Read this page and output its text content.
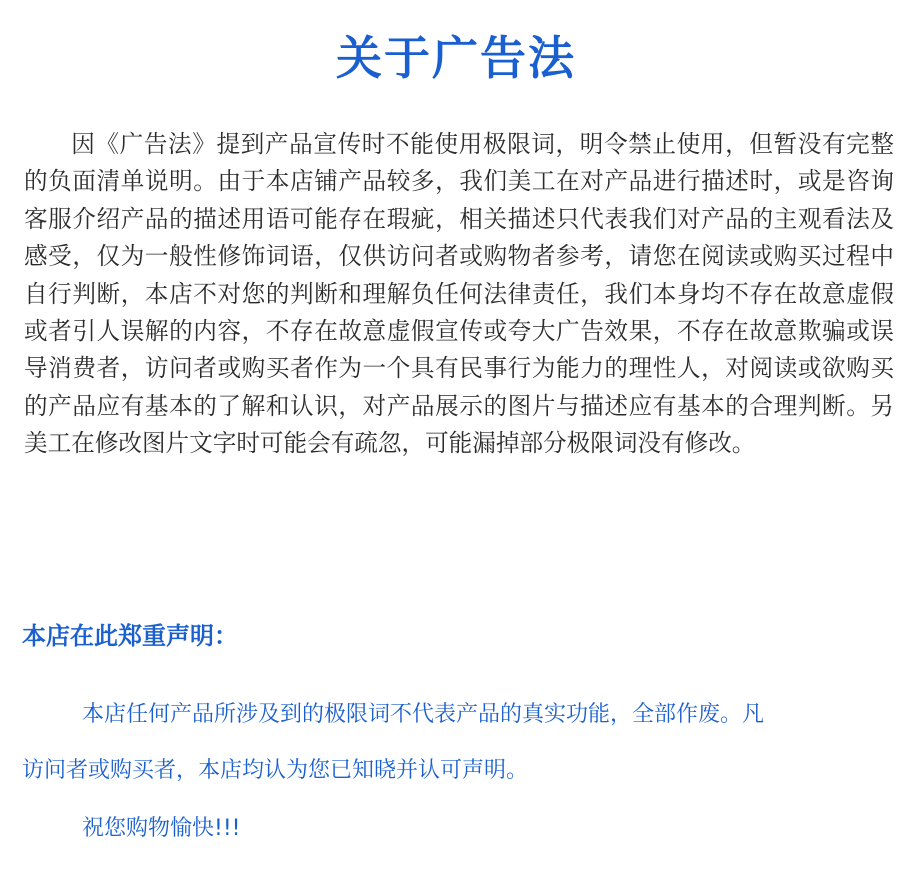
关于广告法

因《广告法》提到产品宣传时不能使用极限词，明令禁止使用，但暂没有完整的负面清单说明。由于本店铺产品较多，我们美工在对产品进行描述时，或是咨询客服介绍产品的描述用语可能存在瑕疵，相关描述只代表我们对产品的主观看法及感受，仅为一般性修饰词语，仅供访问者或购物者参考，请您在阅读或购买过程中自行判断，本店不对您的判断和理解负任何法律责任，我们本身均不存在故意虚假或者引人误解的内容，不存在故意虚假宣传或夸大广告效果，不存在故意欺骗或误导消费者，访问者或购买者作为一个具有民事行为能力的理性人，对阅读或欲购买的产品应有基本的了解和认识，对产品展示的图片与描述应有基本的合理判断。另美工在修改图片文字时可能会有疏忽，可能漏掉部分极限词没有修改。

本店在此郑重声明：

本店任何产品所涉及到的极限词不代表产品的真实功能，全部作废。凡

访问者或购买者，本店均认为您已知晓并认可声明。

祝您购物愉快!!!
